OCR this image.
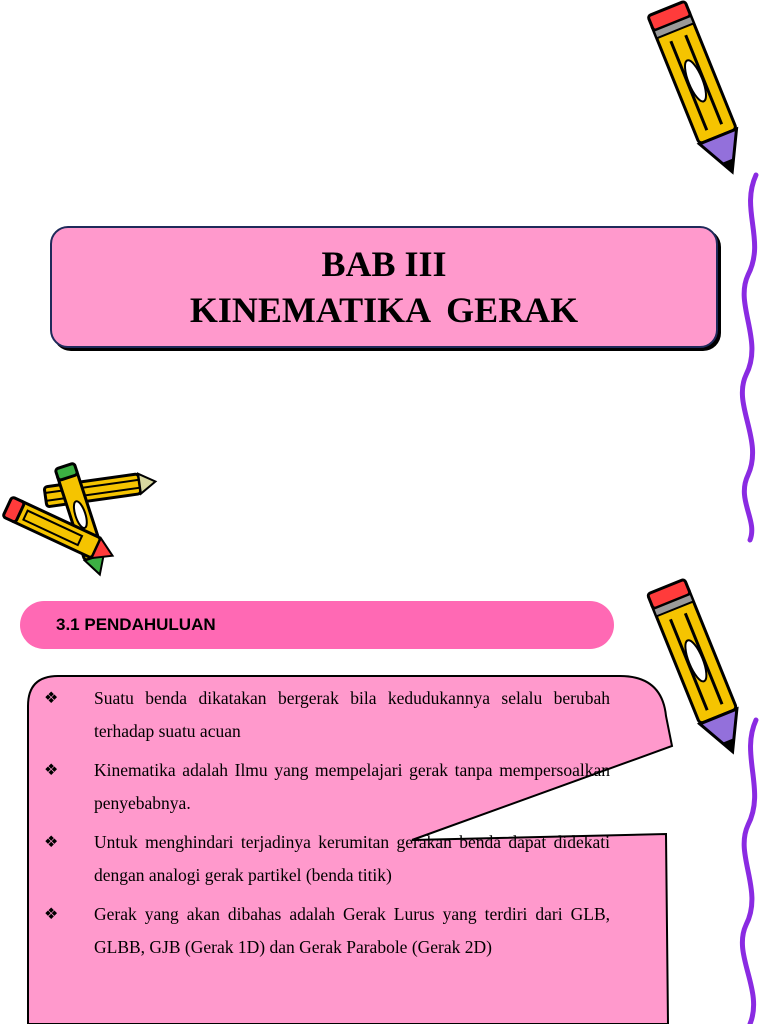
BAB III
KINEMATIKA GERAK
3.1 PENDAHULUAN
❖	Suatu benda dikatakan bergerak bila kedudukannya selalu berubah terhadap suatu acuan
❖	Kinematika adalah Ilmu yang mempelajari gerak tanpa mempersoalkan penyebabnya.
❖	Untuk menghindari terjadinya kerumitan gerakan benda dapat didekati dengan analogi gerak partikel (benda titik)
❖	Gerak yang akan dibahas adalah Gerak Lurus yang terdiri dari GLB, GLBB, GJB (Gerak 1D) dan Gerak Parabole (Gerak 2D)
